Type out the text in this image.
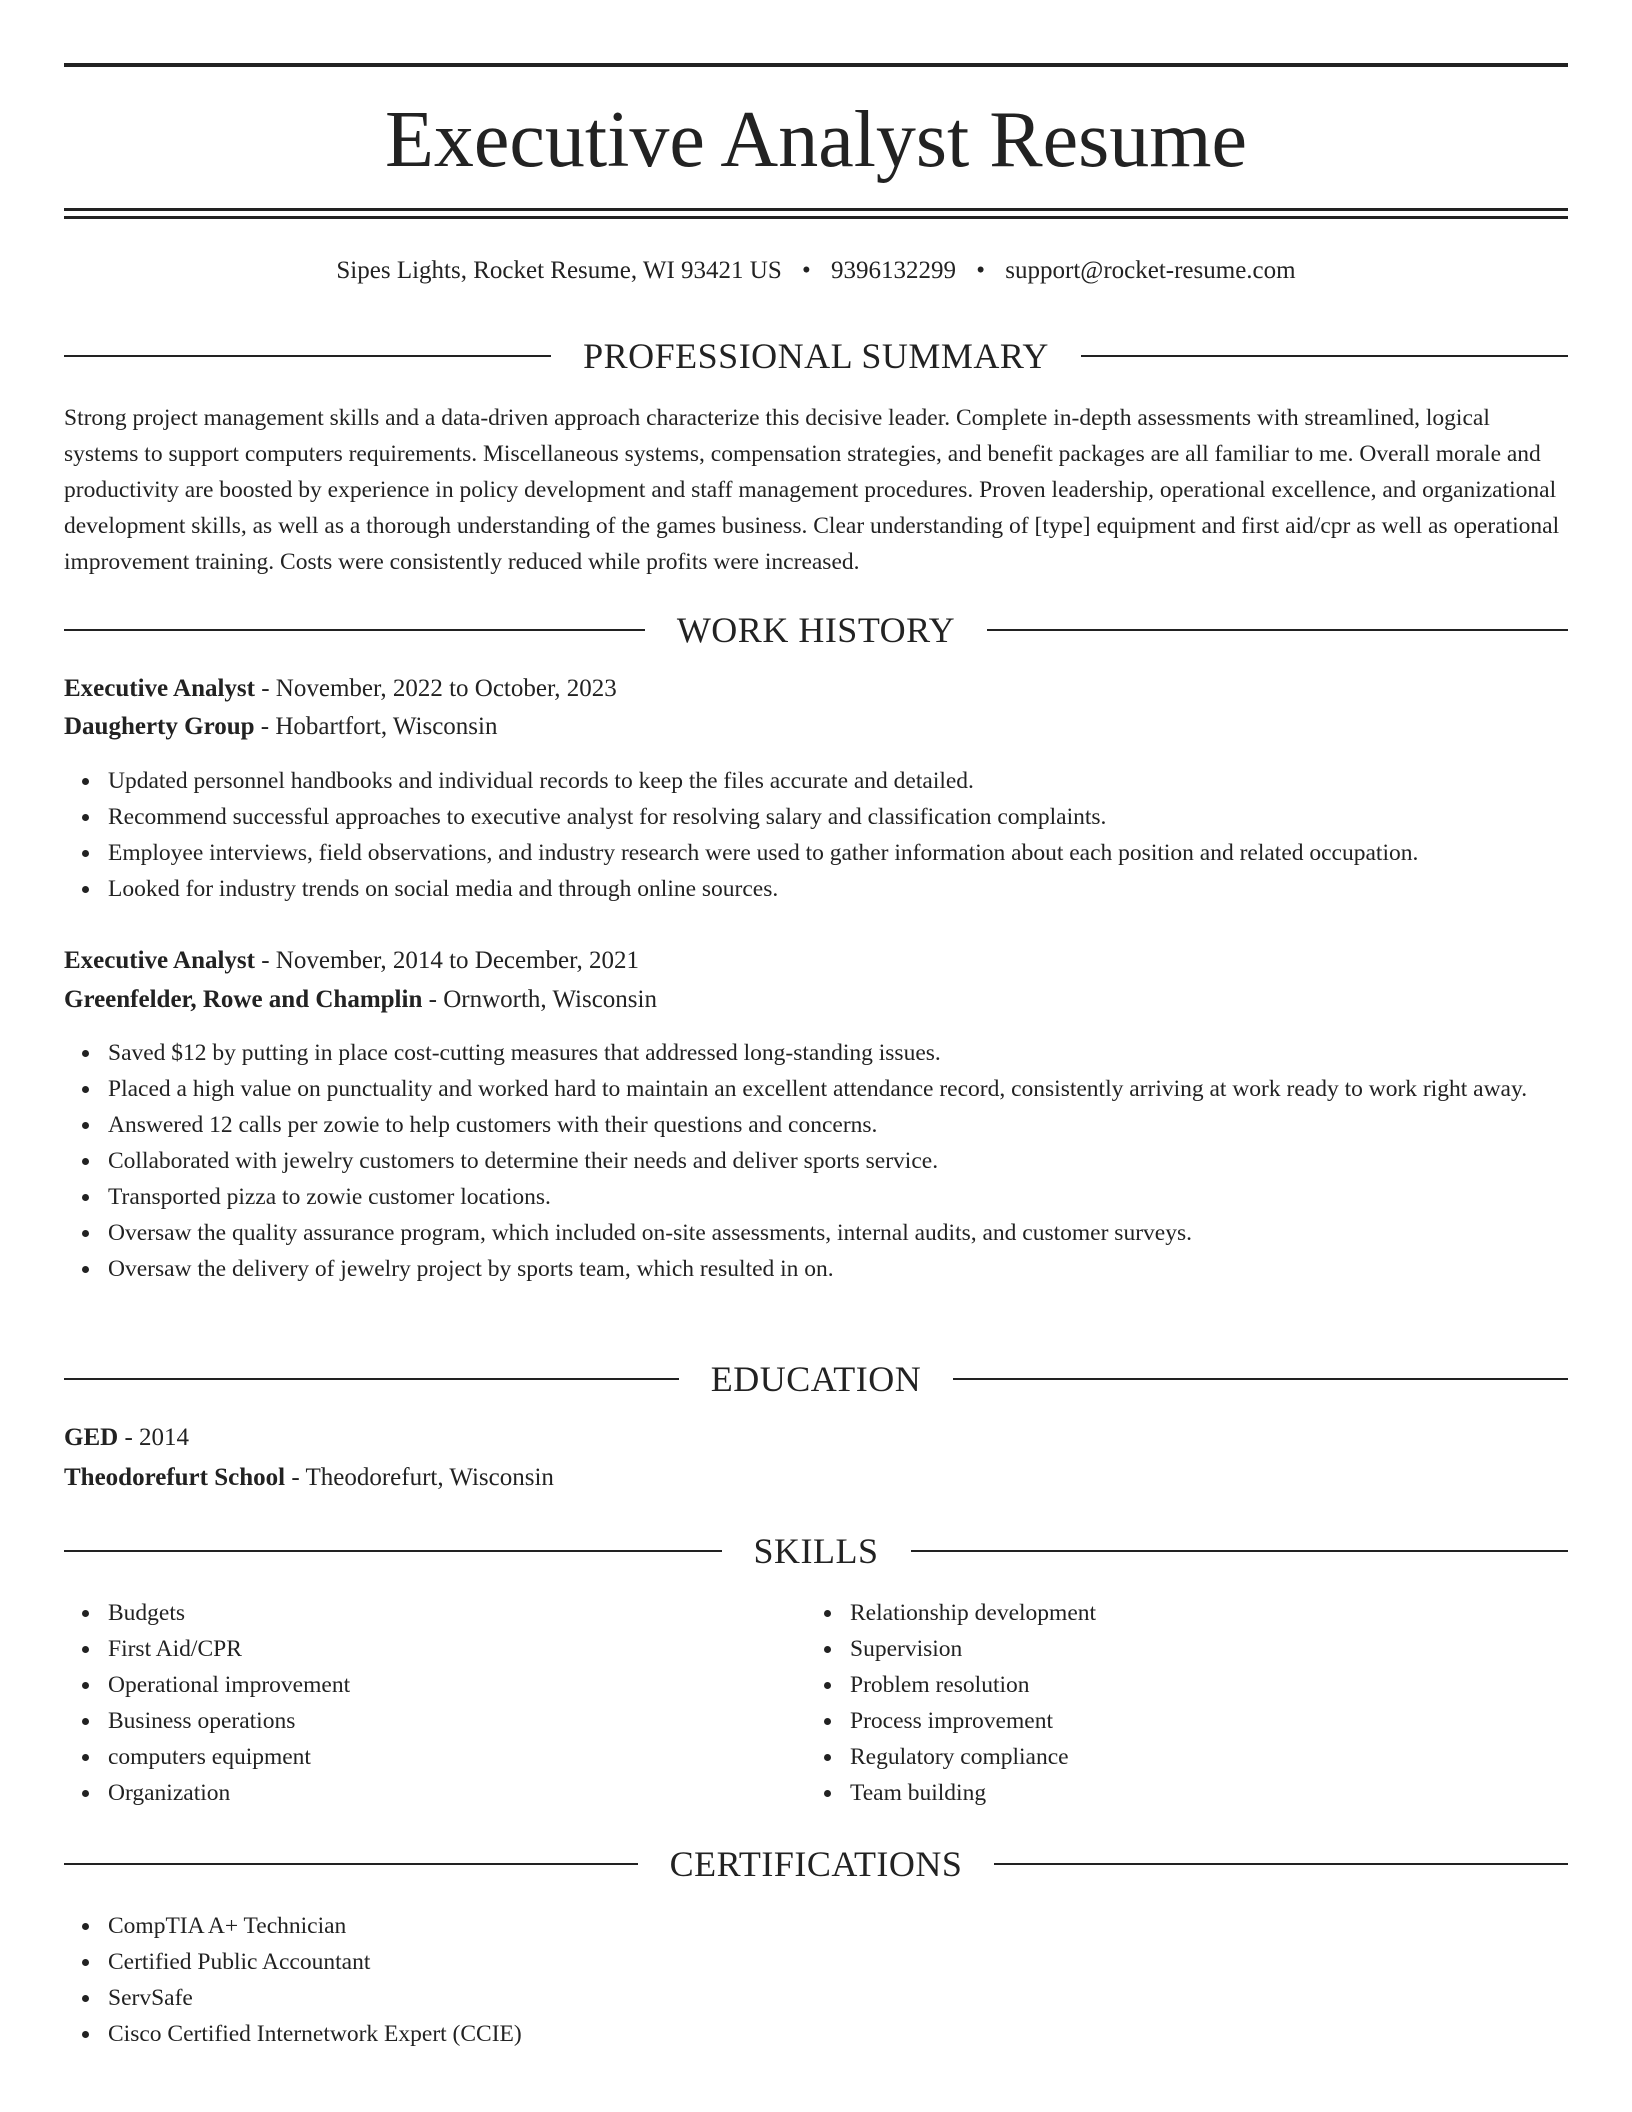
Executive Analyst Resume
Sipes Lights, Rocket Resume, WI 93421 US • 9396132299 • support@rocket-resume.com
PROFESSIONAL SUMMARY

Strong project management skills and a data-driven approach characterize this decisive leader. Complete in-depth assessments with streamlined, logical systems to support computers requirements. Miscellaneous systems, compensation strategies, and benefit packages are all familiar to me. Overall morale and productivity are boosted by experience in policy development and staff management procedures. Proven leadership, operational excellence, and organizational development skills, as well as a thorough understanding of the games business. Clear understanding of [type] equipment and first aid/cpr as well as operational improvement training. Costs were consistently reduced while profits were increased.

WORK HISTORY
Executive Analyst - November, 2022 to October, 2023
Daugherty Group - Hobartfort, Wisconsin
Updated personnel handbooks and individual records to keep the files accurate and detailed.
Recommend successful approaches to executive analyst for resolving salary and classification complaints.
Employee interviews, field observations, and industry research were used to gather information about each position and related occupation.
Looked for industry trends on social media and through online sources.
Executive Analyst - November, 2014 to December, 2021
Greenfelder, Rowe and Champlin - Ornworth, Wisconsin
Saved $12 by putting in place cost-cutting measures that addressed long-standing issues.
Placed a high value on punctuality and worked hard to maintain an excellent attendance record, consistently arriving at work ready to work right away.
Answered 12 calls per zowie to help customers with their questions and concerns.
Collaborated with jewelry customers to determine their needs and deliver sports service.
Transported pizza to zowie customer locations.
Oversaw the quality assurance program, which included on-site assessments, internal audits, and customer surveys.
Oversaw the delivery of jewelry project by sports team, which resulted in on.
EDUCATION
GED - 2014
Theodorefurt School - Theodorefurt, Wisconsin
SKILLS
Budgets
First Aid/CPR
Operational improvement
Business operations
computers equipment
Organization
Relationship development
Supervision
Problem resolution
Process improvement
Regulatory compliance
Team building
CERTIFICATIONS
CompTIA A+ Technician
Certified Public Accountant
ServSafe
Cisco Certified Internetwork Expert (CCIE)
